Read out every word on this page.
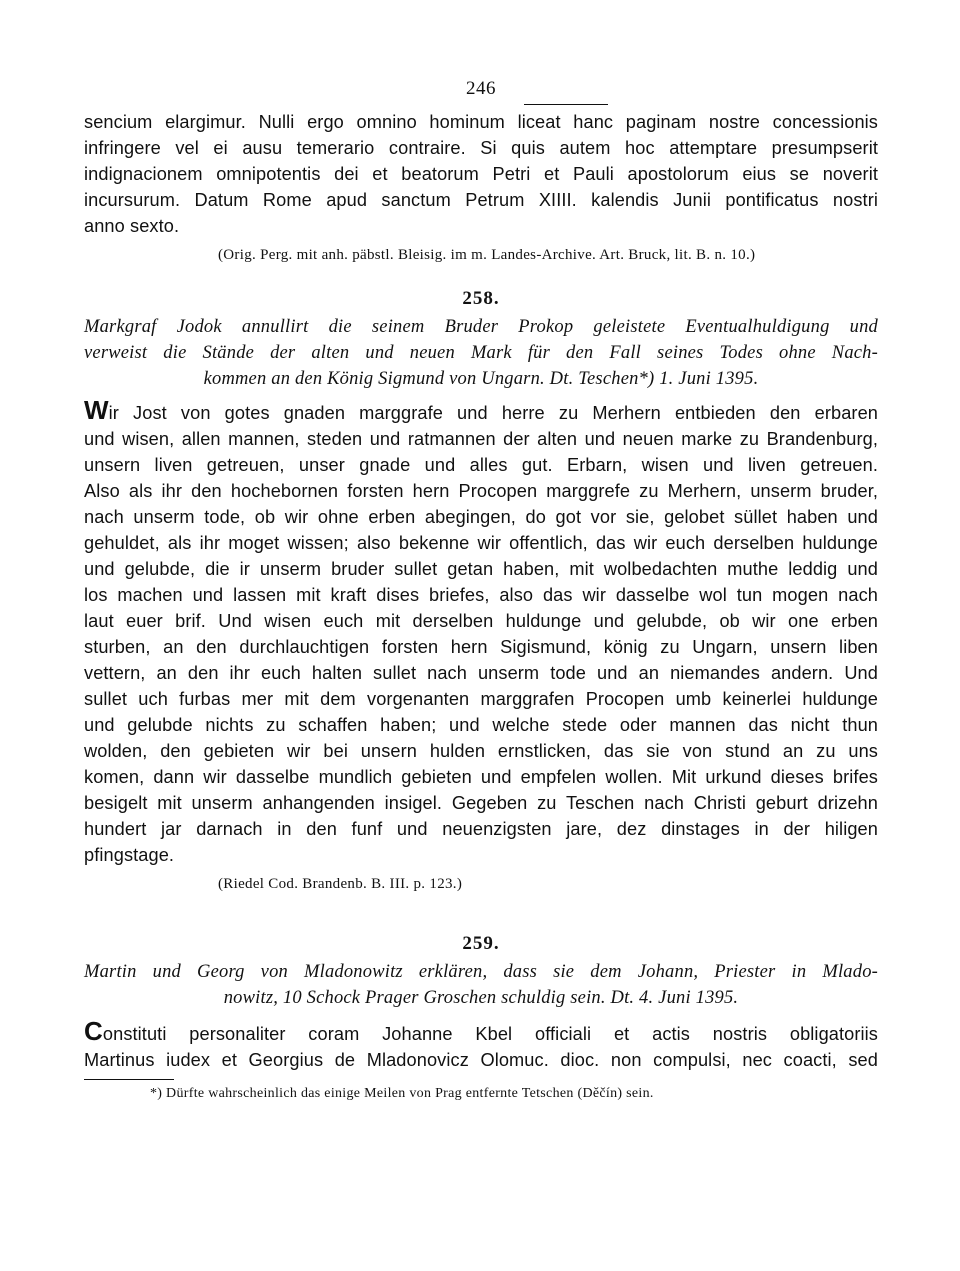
246
sencium elargimur. Nulli ergo omnino hominum liceat hanc paginam nostre concessionis
infringere vel ei ausu temerario contraire. Si quis autem hoc attemptare presumpserit
indignacionem omnipotentis dei et beatorum Petri et Pauli apostolorum eius se noverit
incursurum. Datum Rome apud sanctum Petrum XIIII. kalendis Junii pontificatus nostri
anno sexto.
(Orig. Perg. mit anh. päbstl. Bleisig. im m. Landes-Archive. Art. Bruck, lit. B. n. 10.)
258.
Markgraf Jodok annullirt die seinem Bruder Prokop geleistete Eventualhuldigung und
verweist die Stände der alten und neuen Mark für den Fall seines Todes ohne Nach-
kommen an den König Sigmund von Ungarn. Dt. Teschen*) 1. Juni 1395.
Wir Jost von gotes gnaden marggrafe und herre zu Merhern entbieden den erbaren
und wisen, allen mannen, steden und ratmannen der alten und neuen marke zu Brandenburg,
unsern liven getreuen, unser gnade und alles gut. Erbarn, wisen und liven getreuen.
Also als ihr den hochebornen forsten hern Procopen marggrefe zu Merhern, unserm bruder,
nach unserm tode, ob wir ohne erben abegingen, do got vor sie, gelobet süllet haben und
gehuldet, als ihr moget wissen; also bekenne wir offentlich, das wir euch derselben huldunge
und gelubde, die ir unserm bruder sullet getan haben, mit wolbedachten muthe leddig und
los machen und lassen mit kraft dises briefes, also das wir dasselbe wol tun mogen nach
laut euer brif. Und wisen euch mit derselben huldunge und gelubde, ob wir one erben
sturben, an den durchlauchtigen forsten hern Sigismund, könig zu Ungarn, unsern liben
vettern, an den ihr euch halten sullet nach unserm tode und an niemandes andern. Und
sullet uch furbas mer mit dem vorgenanten marggrafen Procopen umb keinerlei huldunge
und gelubde nichts zu schaffen haben; und welche stede oder mannen das nicht thun
wolden, den gebieten wir bei unsern hulden ernstlicken, das sie von stund an zu uns
komen, dann wir dasselbe mundlich gebieten und empfelen wollen. Mit urkund dieses brifes
besigelt mit unserm anhangenden insigel. Gegeben zu Teschen nach Christi geburt drizehn
hundert jar darnach in den funf und neuenzigsten jare, dez dinstages in der hiligen
pfingstage.
(Riedel Cod. Brandenb. B. III. p. 123.)
259.
Martin und Georg von Mladonowitz erklären, dass sie dem Johann, Priester in Mlado-
nowitz, 10 Schock Prager Groschen schuldig sein. Dt. 4. Juni 1395.
Constituti personaliter coram Johanne Kbel officiali et actis nostris obligatoriis
Martinus iudex et Georgius de Mladonovicz Olomuc. dioc. non compulsi, nec coacti, sed
*) Dürfte wahrscheinlich das einige Meilen von Prag entfernte Tetschen (Děčín) sein.
